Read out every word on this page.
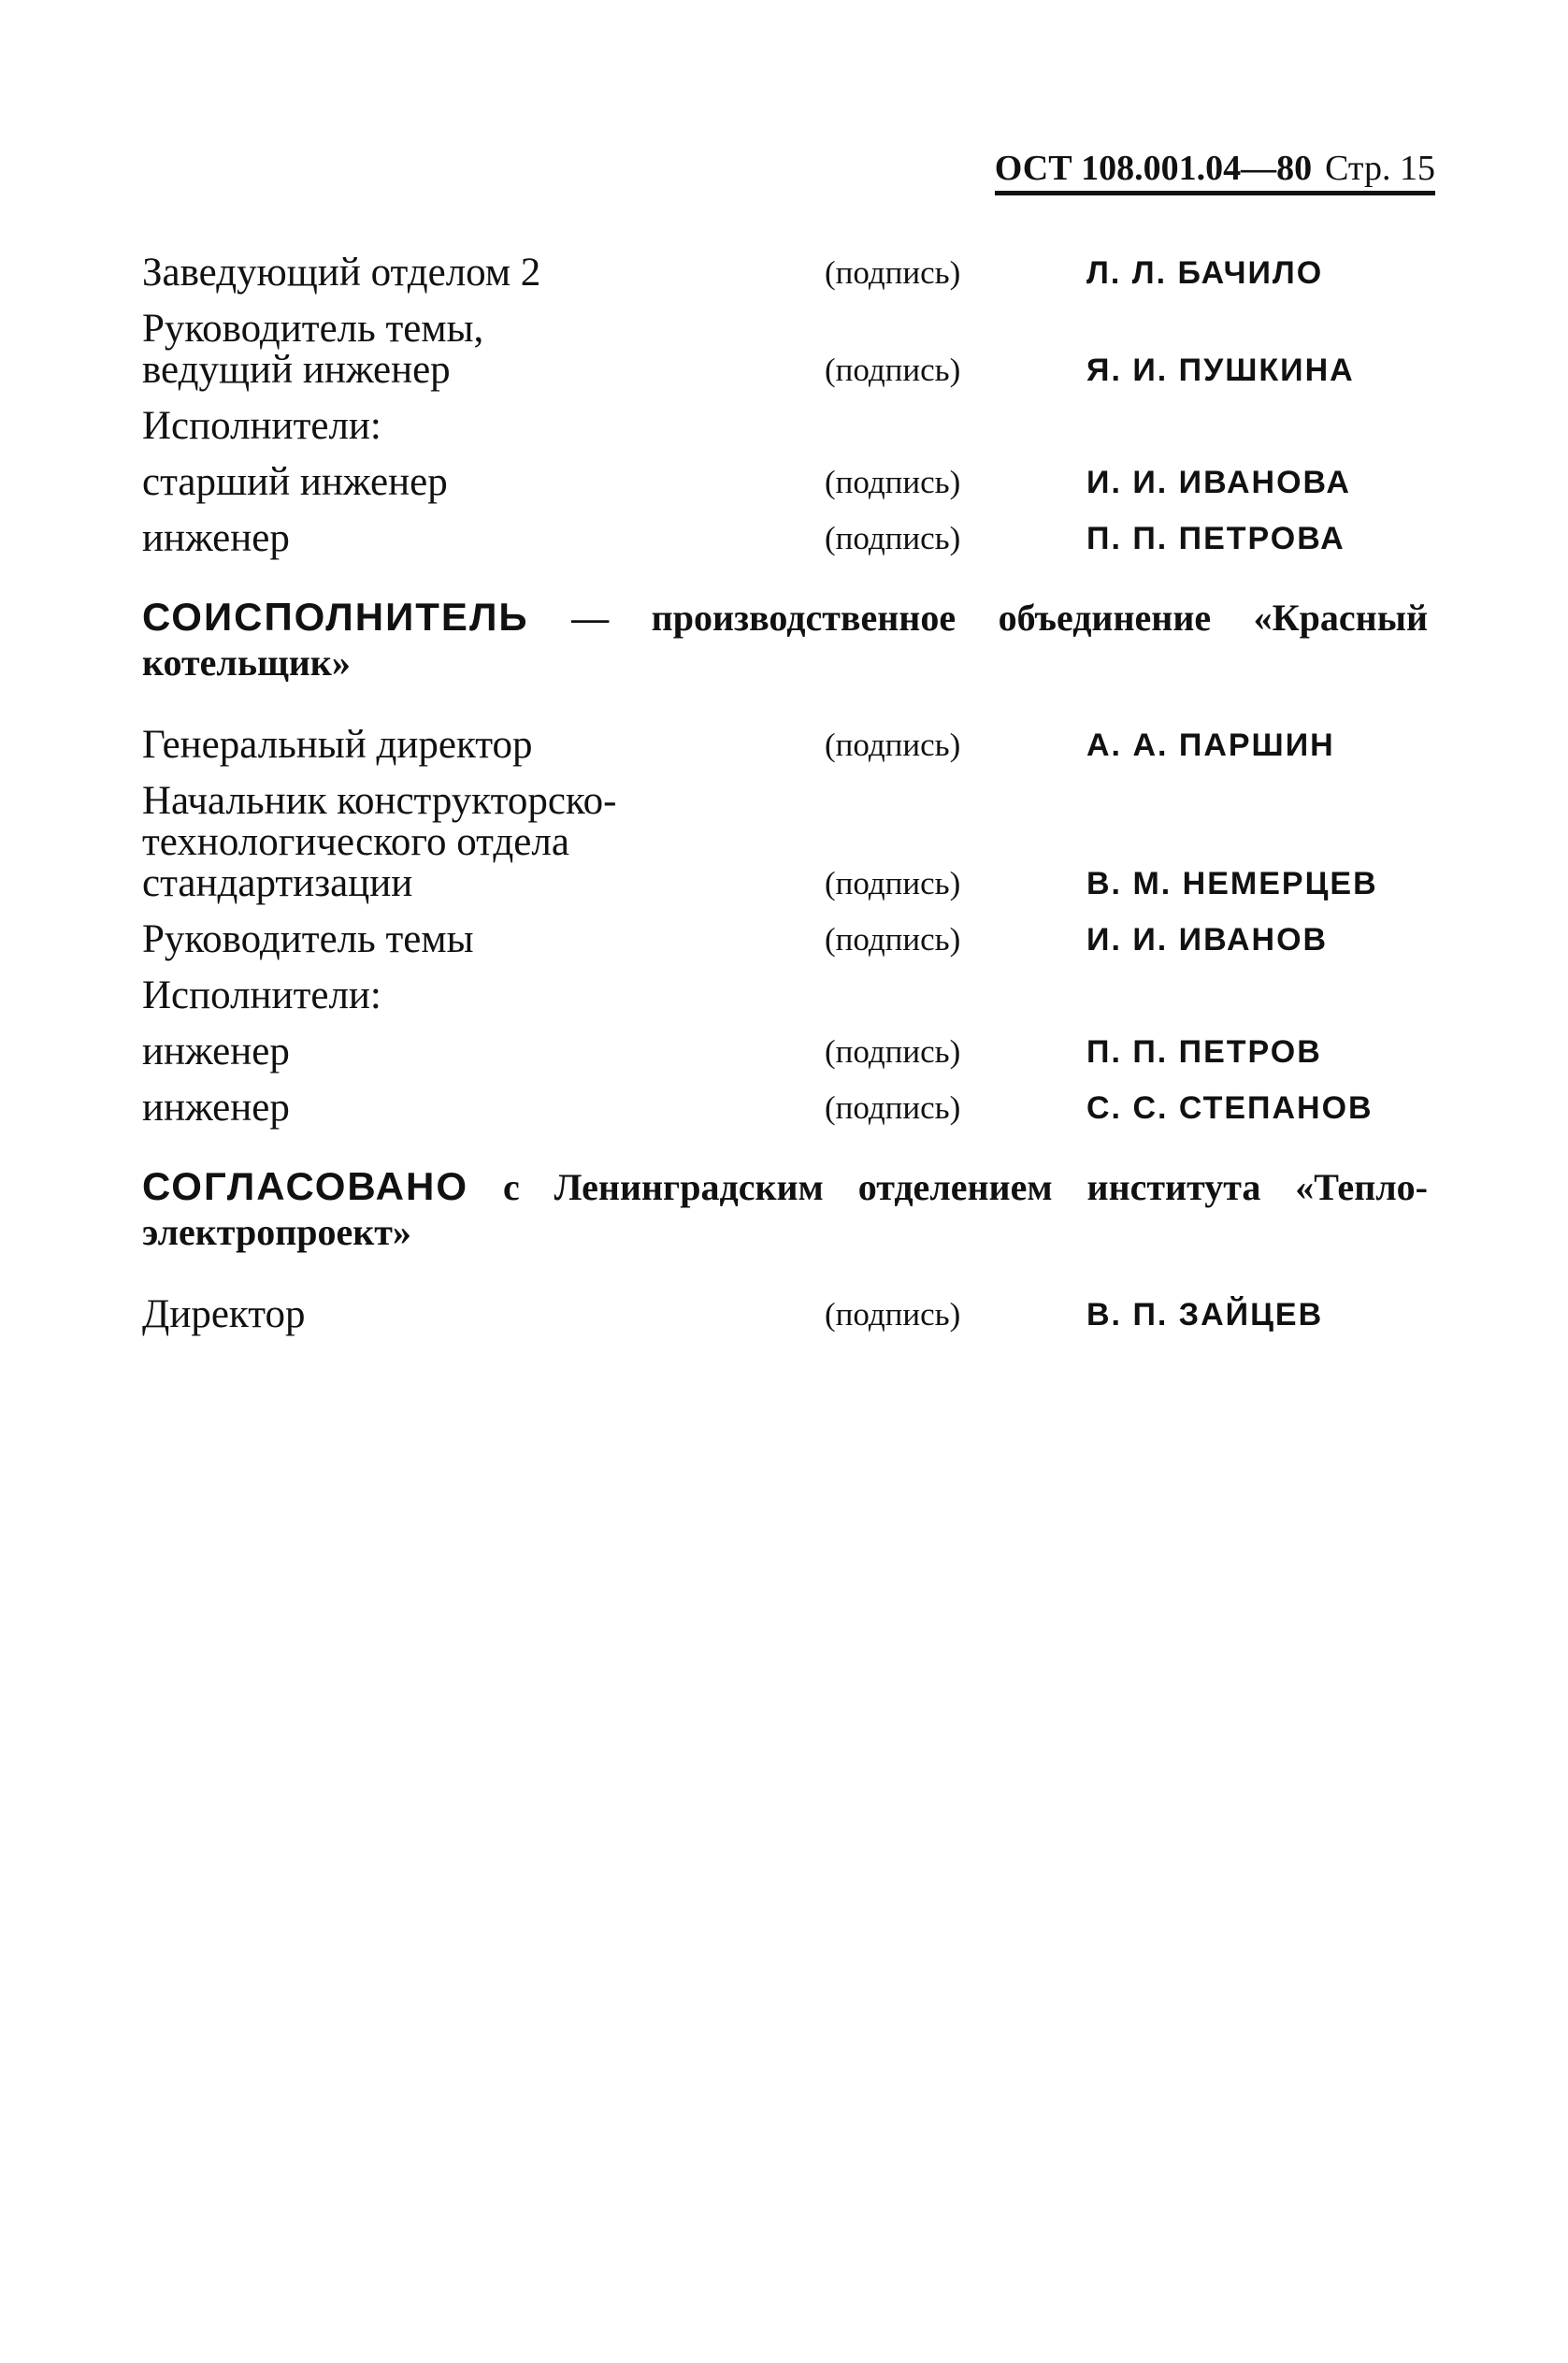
ОСТ 108.001.04—80 Стр. 15
Заведующий отделом 2	(подпись)	Л. Л. БАЧИЛО
Руководитель темы,
ведущий инженер	(подпись)	Я. И. ПУШКИНА
Исполнители:
старший инженер	(подпись)	И. И. ИВАНОВА
инженер	(подпись)	П. П. ПЕТРОВА
СОИСПОЛНИТЕЛЬ — производственное объединение «Красный котельщик»
Генеральный директор	(подпись)	А. А. ПАРШИН
Начальник конструкторско-
технологического отдела
стандартизации	(подпись)	В. М. НЕМЕРЦЕВ
Руководитель темы	(подпись)	И. И. ИВАНОВ
Исполнители:
инженер	(подпись)	П. П. ПЕТРОВ
инженер	(подпись)	С. С. СТЕПАНОВ
СОГЛАСОВАНО с Ленинградским отделением института «Тепло-электропроект»
Директор	(подпись)	В. П. ЗАЙЦЕВ
